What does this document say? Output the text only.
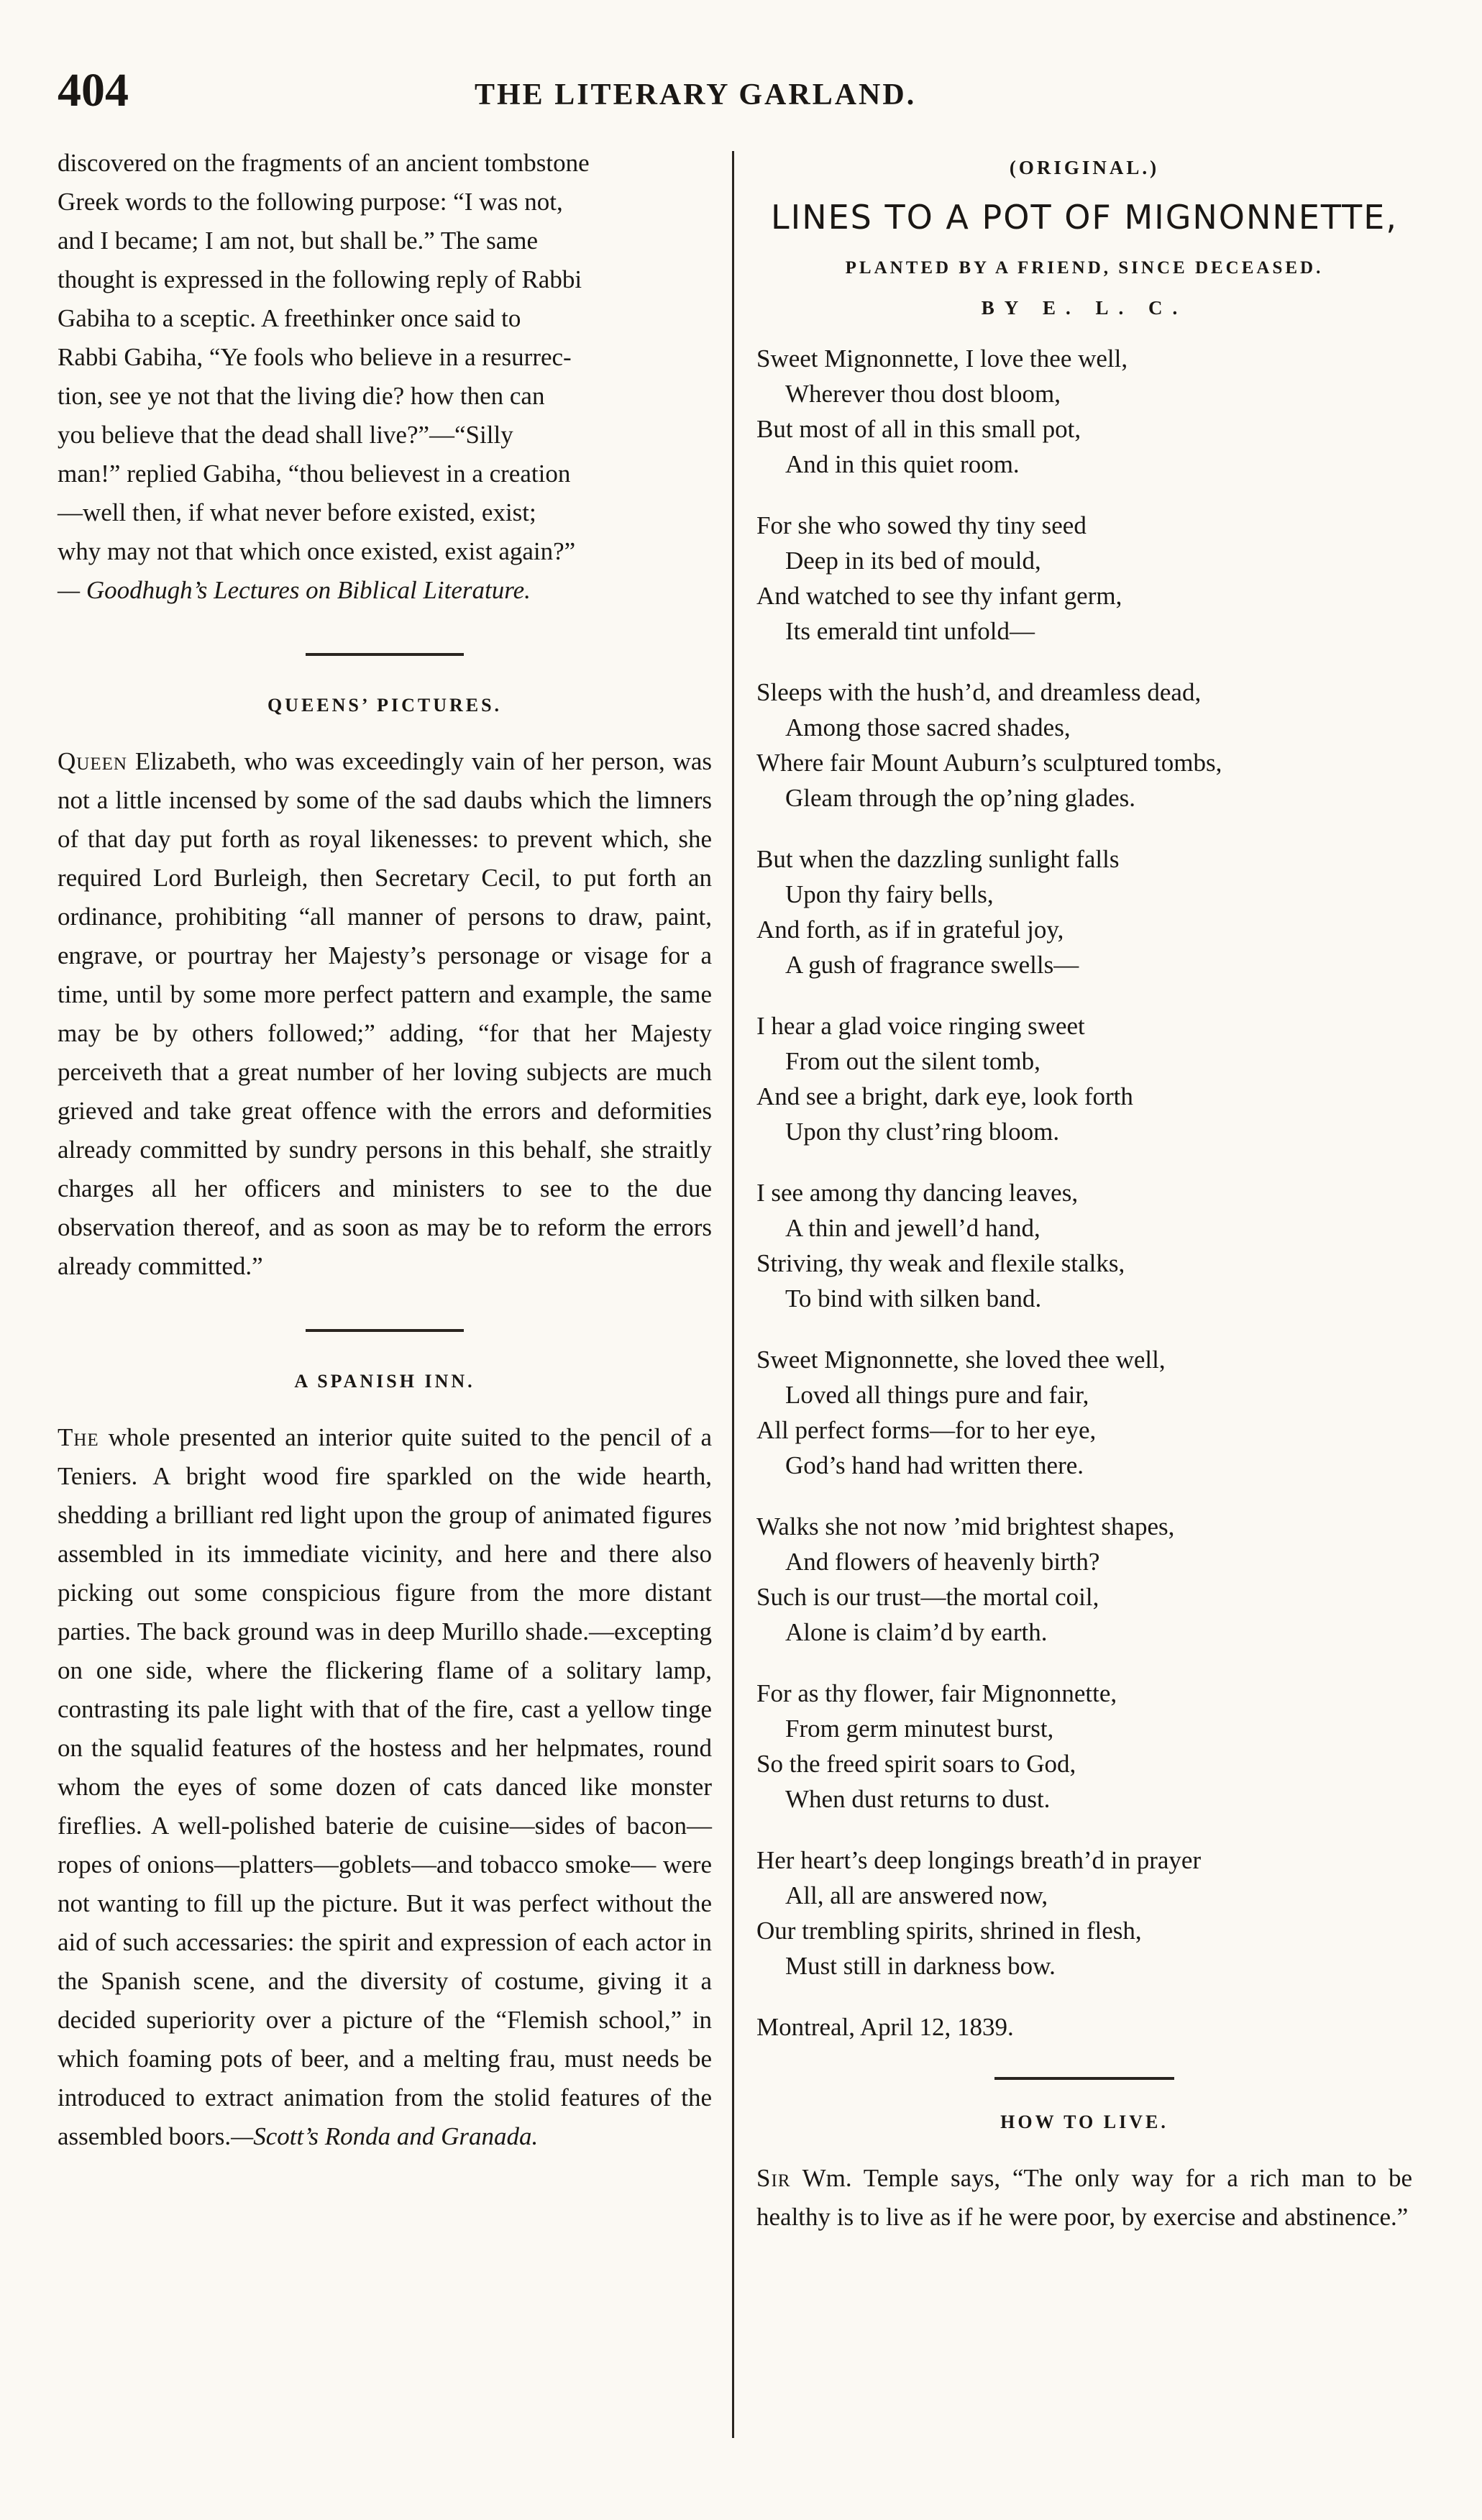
404	THE LITERARY GARLAND.
discovered on the fragments of an ancient tombstone
Greek words to the following purpose: “I was not,
and I became; I am not, but shall be.” The same
thought is expressed in the following reply of Rabbi
Gabiha to a sceptic. A freethinker once said to
Rabbi Gabiha, “Ye fools who believe in a resurrec-
tion, see ye not that the living die? how then can
you believe that the dead shall live?”—“Silly
man!” replied Gabiha, “thou believest in a creation
—well then, if what never before existed, exist;
why may not that which once existed, exist again?”
— Goodhugh’s Lectures on Biblical Literature.
QUEENS’ PICTURES.

Queen Elizabeth, who was exceedingly vain of her person, was not a little incensed by some of the sad daubs which the limners of that day put forth as royal likenesses: to prevent which, she required Lord Burleigh, then Secretary Cecil, to put forth an ordinance, prohibiting “all manner of persons to draw, paint, engrave, or pourtray her Majesty’s personage or visage for a time, until by some more perfect pattern and example, the same may be by others followed;” adding, “for that her Majesty perceiveth that a great number of her loving subjects are much grieved and take great offence with the errors and deformities already committed by sundry persons in this behalf, she straitly charges all her officers and ministers to see to the due observation thereof, and as soon as may be to reform the errors already committed.”

A SPANISH INN.

The whole presented an interior quite suited to the pencil of a Teniers. A bright wood fire sparkled on the wide hearth, shedding a brilliant red light upon the group of animated figures assembled in its immediate vicinity, and here and there also picking out some conspicious figure from the more distant parties. The back ground was in deep Murillo shade.—excepting on one side, where the flickering flame of a solitary lamp, contrasting its pale light with that of the fire, cast a yellow tinge on the squalid features of the hostess and her helpmates, round whom the eyes of some dozen of cats danced like monster fireflies. A well-polished baterie de cuisine—sides of bacon—ropes of onions—platters—goblets—and tobacco smoke— were not wanting to fill up the picture. But it was perfect without the aid of such accessaries: the spirit and expression of each actor in the Spanish scene, and the diversity of costume, giving it a decided superiority over a picture of the “Flemish school,” in which foaming pots of beer, and a melting frau, must needs be introduced to extract animation from the stolid features of the assembled boors.—Scott’s Ronda and Granada.

(ORIGINAL.)
LINES TO A POT OF MIGNONNETTE,
PLANTED BY A FRIEND, SINCE DECEASED.
BY E. L. C.
Sweet Mignonnette, I love thee well,
Wherever thou dost bloom,
But most of all in this small pot,
And in this quiet room.
For she who sowed thy tiny seed
Deep in its bed of mould,
And watched to see thy infant germ,
Its emerald tint unfold—
Sleeps with the hush’d, and dreamless dead,
Among those sacred shades,
Where fair Mount Auburn’s sculptured tombs,
Gleam through the op’ning glades.
But when the dazzling sunlight falls
Upon thy fairy bells,
And forth, as if in grateful joy,
A gush of fragrance swells—
I hear a glad voice ringing sweet
From out the silent tomb,
And see a bright, dark eye, look forth
Upon thy clust’ring bloom.
I see among thy dancing leaves,
A thin and jewell’d hand,
Striving, thy weak and flexile stalks,
To bind with silken band.
Sweet Mignonnette, she loved thee well,
Loved all things pure and fair,
All perfect forms—for to her eye,
God’s hand had written there.
Walks she not now ’mid brightest shapes,
And flowers of heavenly birth?
Such is our trust—the mortal coil,
Alone is claim’d by earth.
For as thy flower, fair Mignonnette,
From germ minutest burst,
So the freed spirit soars to God,
When dust returns to dust.
Her heart’s deep longings breath’d in prayer
All, all are answered now,
Our trembling spirits, shrined in flesh,
Must still in darkness bow.
Montreal, April 12, 1839.
HOW TO LIVE.

Sir Wm. Temple says, “The only way for a rich man to be healthy is to live as if he were poor, by exercise and abstinence.”
